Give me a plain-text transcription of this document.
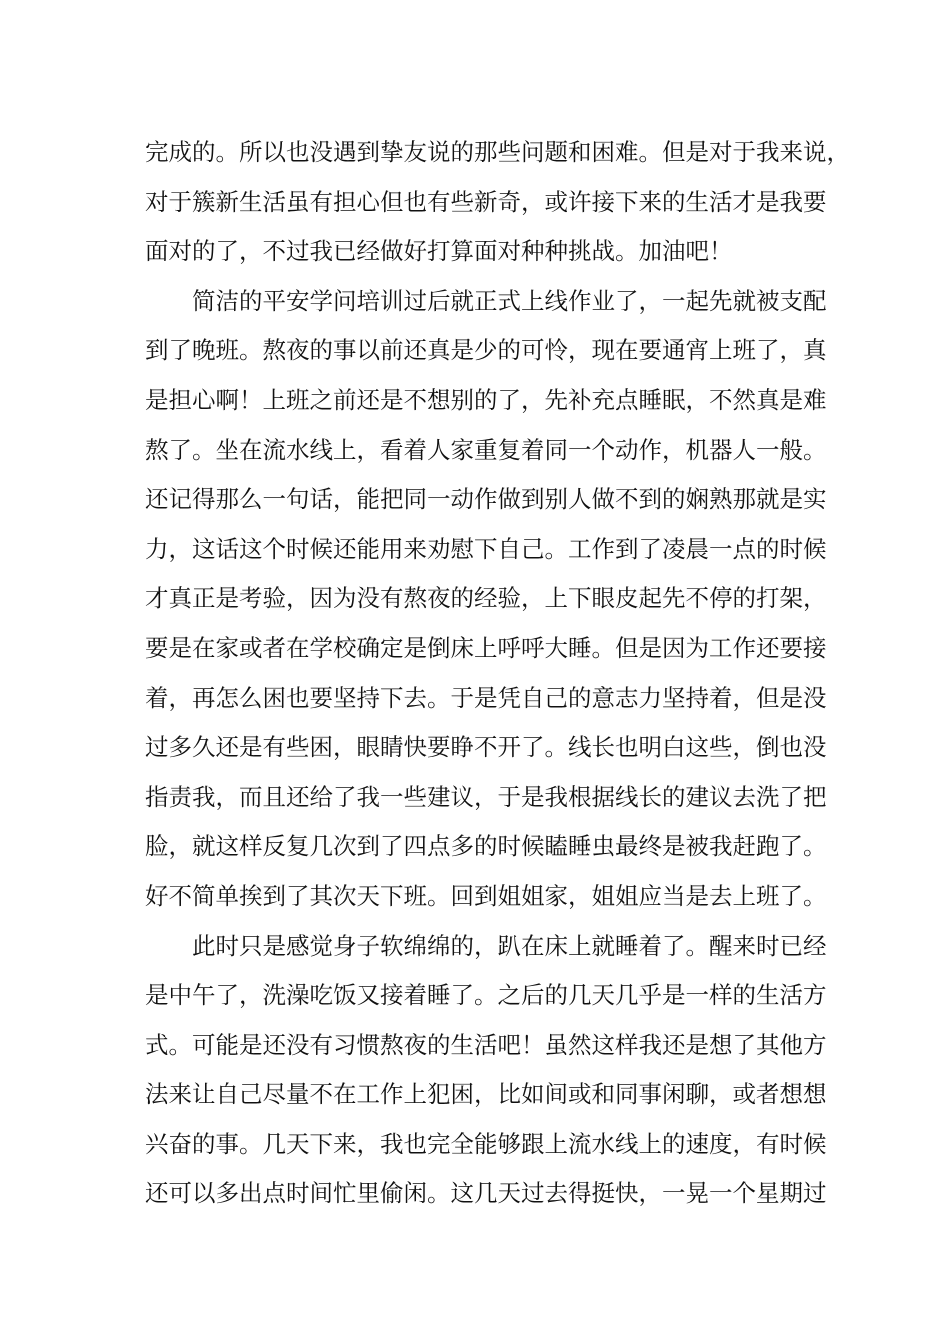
完成的。所以也没遇到挚友说的那些问题和困难。但是对于我来说，
对于簇新生活虽有担心但也有些新奇，或许接下来的生活才是我要
面对的了，不过我已经做好打算面对种种挑战。加油吧！
简洁的平安学问培训过后就正式上线作业了，一起先就被支配
到了晚班。熬夜的事以前还真是少的可怜，现在要通宵上班了，真
是担心啊！上班之前还是不想别的了，先补充点睡眠，不然真是难
熬了。坐在流水线上，看着人家重复着同一个动作，机器人一般。
还记得那么一句话，能把同一动作做到别人做不到的娴熟那就是实
力，这话这个时候还能用来劝慰下自己。工作到了凌晨一点的时候
才真正是考验，因为没有熬夜的经验，上下眼皮起先不停的打架，
要是在家或者在学校确定是倒床上呼呼大睡。但是因为工作还要接
着，再怎么困也要坚持下去。于是凭自己的意志力坚持着，但是没
过多久还是有些困，眼睛快要睁不开了。线长也明白这些，倒也没
指责我，而且还给了我一些建议，于是我根据线长的建议去洗了把
脸，就这样反复几次到了四点多的时候瞌睡虫最终是被我赶跑了。
好不简单挨到了其次天下班。回到姐姐家，姐姐应当是去上班了。
此时只是感觉身子软绵绵的，趴在床上就睡着了。醒来时已经
是中午了，洗澡吃饭又接着睡了。之后的几天几乎是一样的生活方
式。可能是还没有习惯熬夜的生活吧！虽然这样我还是想了其他方
法来让自己尽量不在工作上犯困，比如间或和同事闲聊，或者想想
兴奋的事。几天下来，我也完全能够跟上流水线上的速度，有时候
还可以多出点时间忙里偷闲。这几天过去得挺快，一晃一个星期过
